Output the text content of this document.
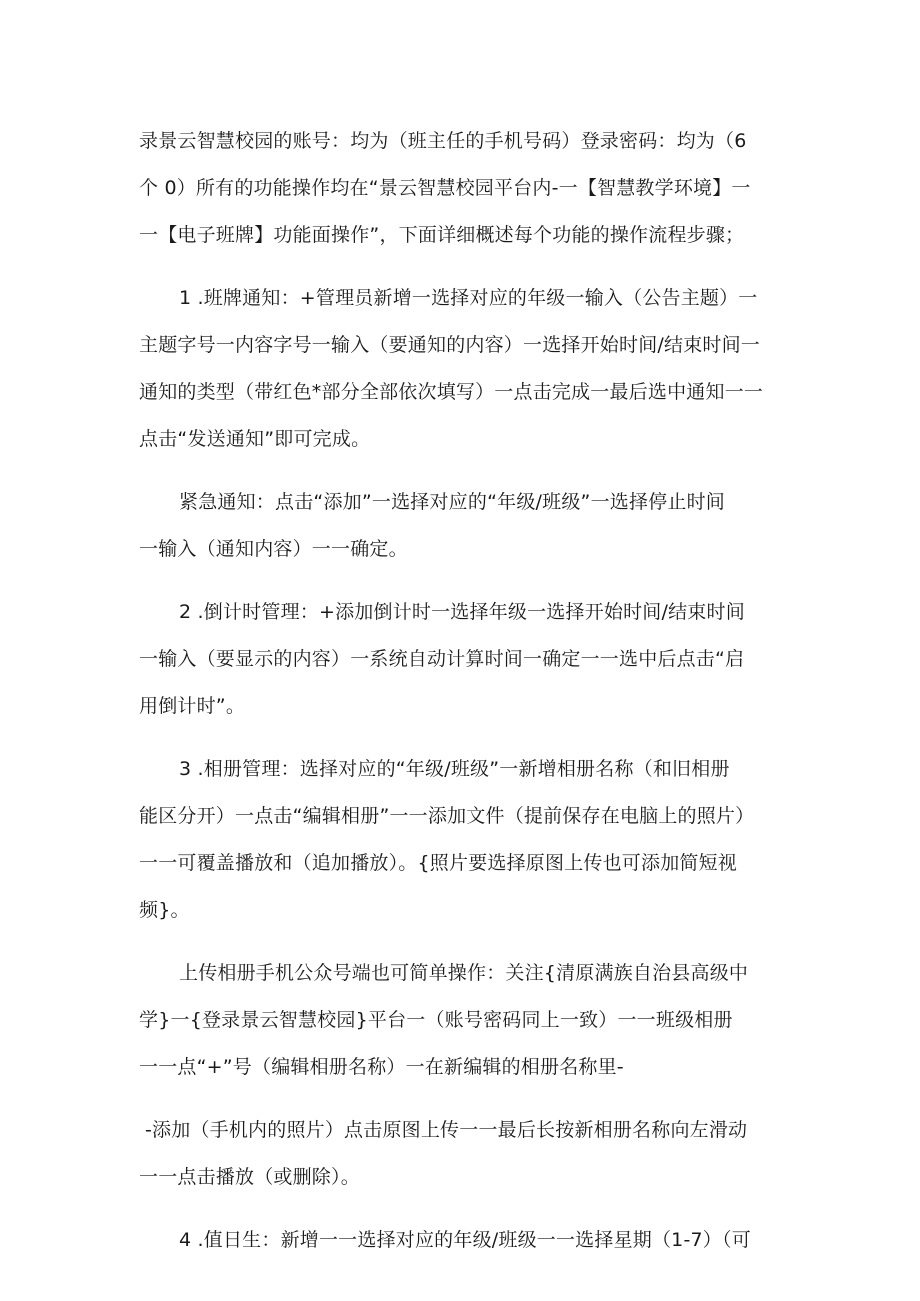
录景云智慧校园的账号：均为（班主任的手机号码）登录密码：均为（6
个 0）所有的功能操作均在“景云智慧校园平台内-一【智慧教学环境】一
一【电子班牌】功能面操作”，下面详细概述每个功能的操作流程步骤；
1 .班牌通知：+管理员新增一选择对应的年级一输入（公告主题）一
主题字号一内容字号一输入（要通知的内容）一选择开始时间/结束时间一
通知的类型（带红色*部分全部依次填写）一点击完成一最后选中通知一一
点击“发送通知”即可完成。
紧急通知：点击“添加”一选择对应的“年级/班级”一选择停止时间
一输入（通知内容）一一确定。
2 .倒计时管理：+添加倒计时一选择年级一选择开始时间/结束时间
一输入（要显示的内容）一系统自动计算时间一确定一一选中后点击“启
用倒计时”。
3 .相册管理：选择对应的“年级/班级”一新增相册名称（和旧相册
能区分开）一点击“编辑相册”一一添加文件（提前保存在电脑上的照片）
一一可覆盖播放和（追加播放）。{照片要选择原图上传也可添加简短视
频}。
上传相册手机公众号端也可简单操作：关注{清原满族自治县高级中
学}一{登录景云智慧校园}平台一（账号密码同上一致）一一班级相册
一一点“+”号（编辑相册名称）一在新编辑的相册名称里-
-添加（手机内的照片）点击原图上传一一最后长按新相册名称向左滑动
一一点击播放（或删除）。
4 .值日生：新增一一选择对应的年级/班级一一选择星期（1-7）（可
